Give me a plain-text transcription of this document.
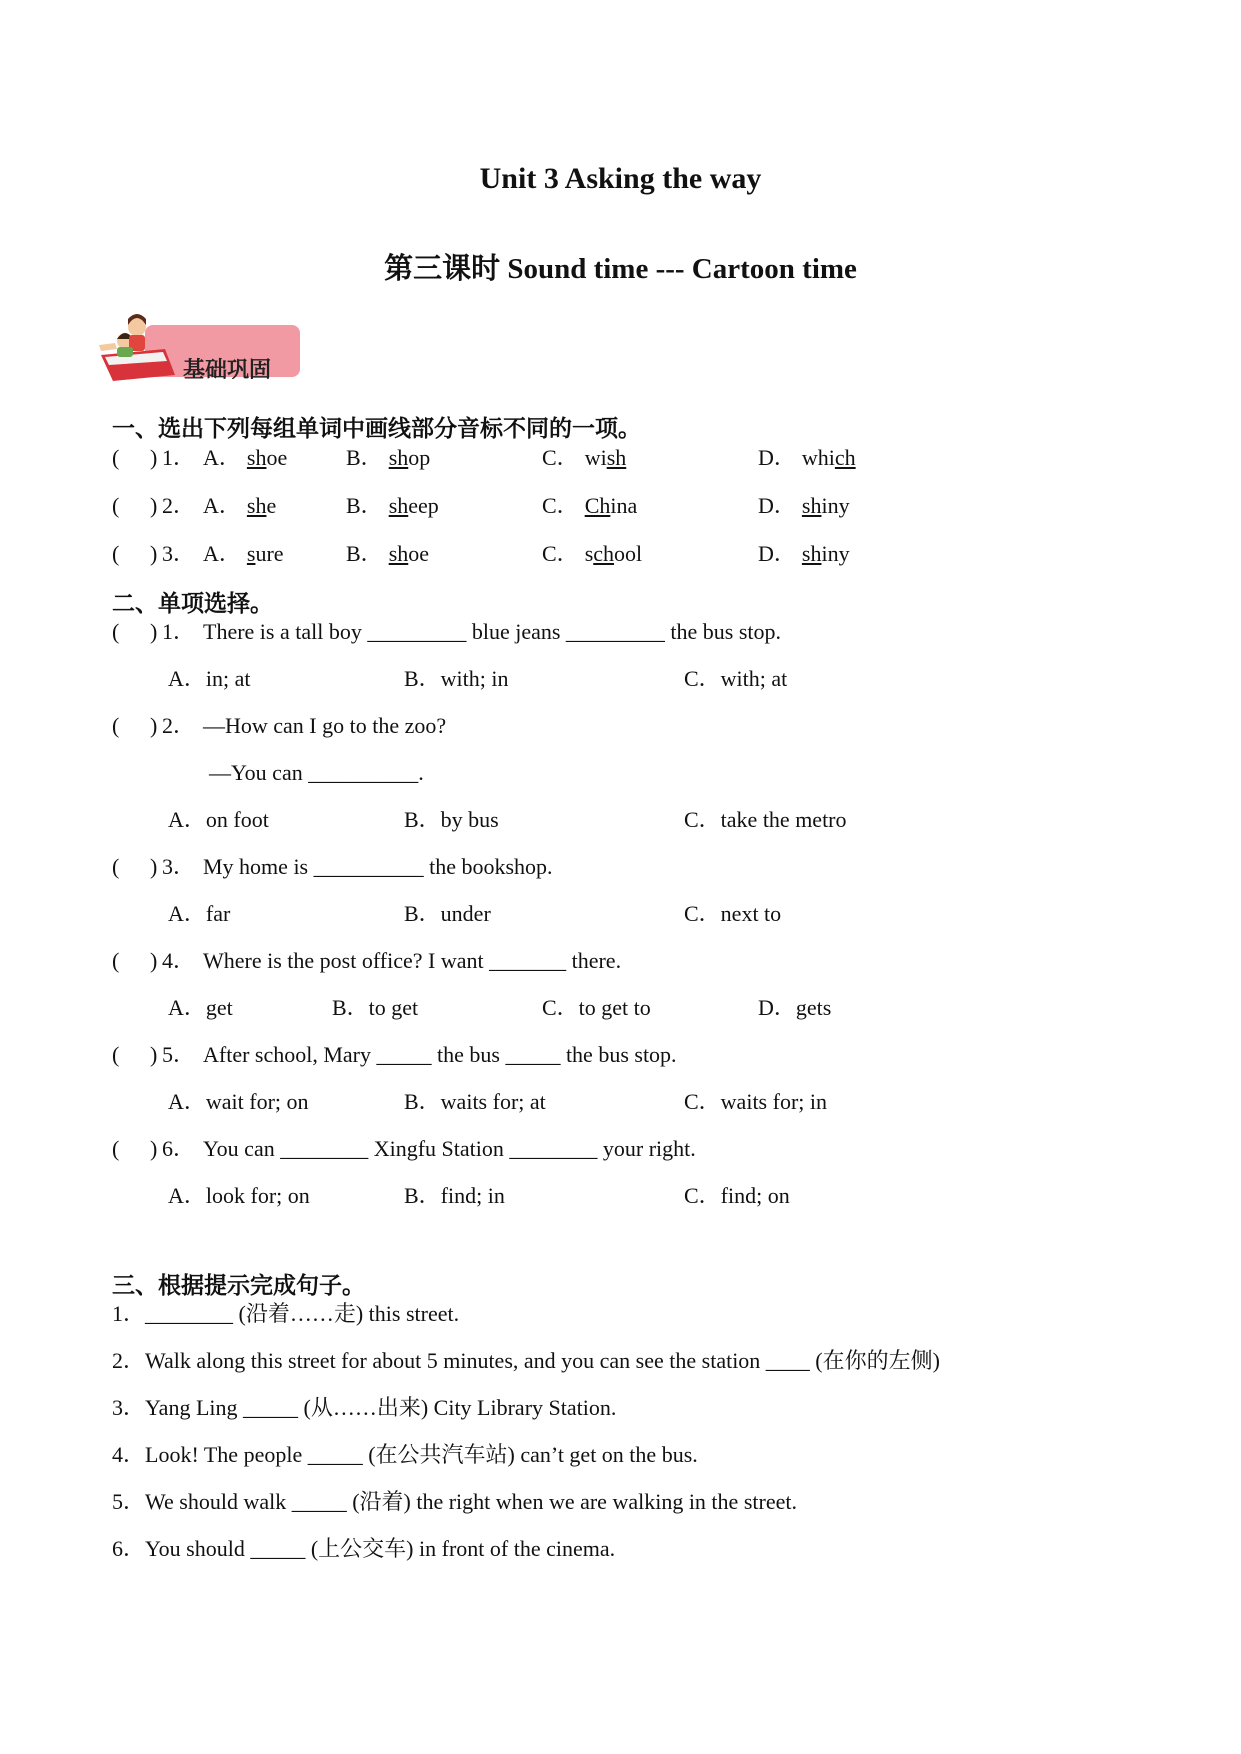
Unit 3 Asking the way
第三课时 Sound time --- Cartoon time
基础巩固
一、选出下列每组单词中画线部分音标不同的一项。
( ) 1． A． shoe	B． shop	C． wish	D． which
( ) 2． A． she	B． sheep	C． China	D． shiny
( ) 3． A． sure	B． shoe	C． school	D． shiny
二、单项选择。
( ) 1． There is a tall boy _________ blue jeans _________ the bus stop.
A．in; at	B．with; in	C．with; at
( ) 2． —How can I go to the zoo?
—You can __________.
A．on foot	B．by bus	C．take the metro
( ) 3． My home is __________ the bookshop.
A．far	B．under	C．next to
( ) 4． Where is the post office? I want _______ there.
A．get	B．to get	C．to get to	D．gets
( ) 5． After school, Mary _____ the bus _____ the bus stop.
A．wait for; on	B．waits for; at	C．waits for; in
( ) 6． You can ________ Xingfu Station ________ your right.
A．look for; on	B．find; in	C．find; on
三、根据提示完成句子。
1．________ (沿着……走) this street.
2．Walk along this street for about 5 minutes, and you can see the station ____ (在你的左侧)
3．Yang Ling _____ (从……出来) City Library Station.
4．Look! The people _____ (在公共汽车站) can’t get on the bus.
5．We should walk _____ (沿着) the right when we are walking in the street.
6．You should _____ (上公交车) in front of the cinema.
